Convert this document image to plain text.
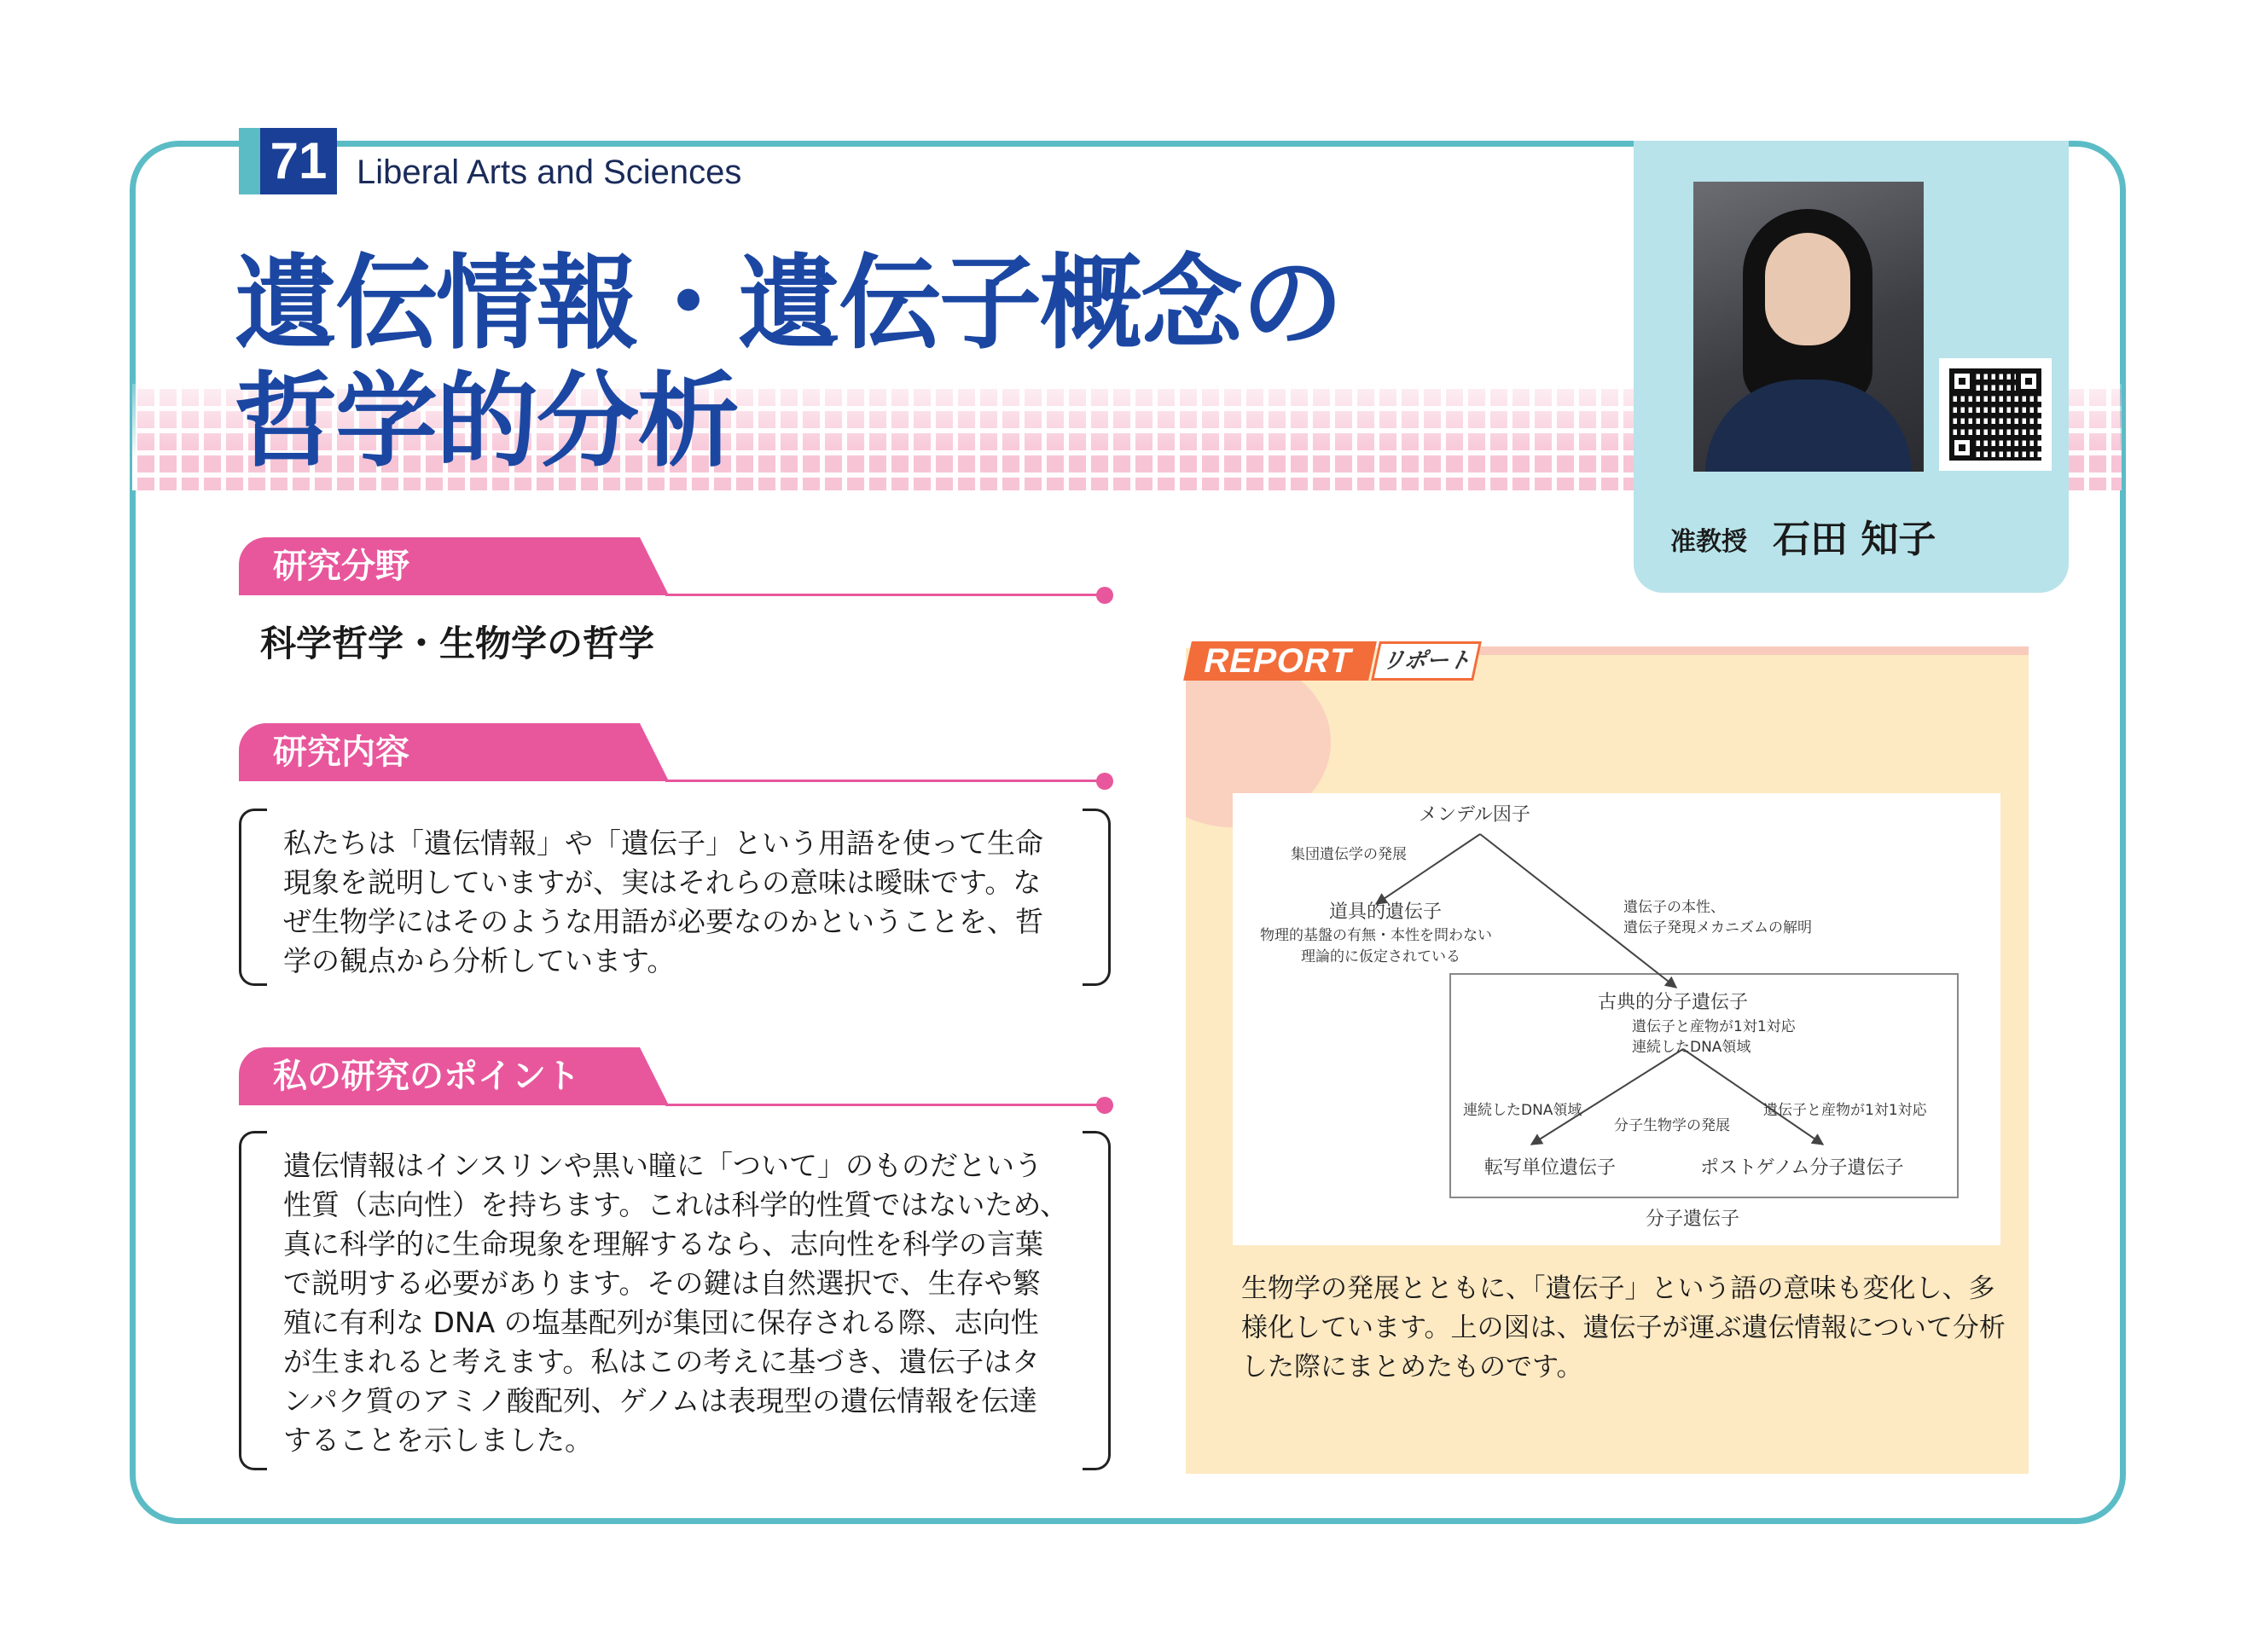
71 Liberal Arts and Sciences
遺伝情報・遺伝子概念の
哲学的分析
准教授 石田 知子
研究分野
科学哲学・生物学の哲学
研究内容
私たちは「遺伝情報」や「遺伝子」という用語を使って生命
現象を説明していますが、実はそれらの意味は曖昧です。な
ぜ生物学にはそのような用語が必要なのかということを、哲
学の観点から分析しています。
私の研究のポイント
遺伝情報はインスリンや黒い瞳に「ついて」のものだという
性質（志向性）を持ちます。これは科学的性質ではないため、
真に科学的に生命現象を理解するなら、志向性を科学の言葉
で説明する必要があります。その鍵は自然選択で、生存や繁
殖に有利な DNA の塩基配列が集団に保存される際、志向性
が生まれると考えます。私はこの考えに基づき、遺伝子はタ
ンパク質のアミノ酸配列、ゲノムは表現型の遺伝情報を伝達
することを示しました。
REPORT	リポート
メンデル因子
集団遺伝学の発展
道具的遺伝子
物理的基盤の有無・本性を問わない
理論的に仮定されている
遺伝子の本性、
遺伝子発現メカニズムの解明
古典的分子遺伝子
遺伝子と産物が1対1対応
連続したDNA領域
連続したDNA領域
分子生物学の発展
遺伝子と産物が1対1対応
転写単位遺伝子	ポストゲノム分子遺伝子
分子遺伝子
生物学の発展とともに、「遺伝子」という語の意味も変化し、多
様化しています。上の図は、遺伝子が運ぶ遺伝情報について分析
した際にまとめたものです。
